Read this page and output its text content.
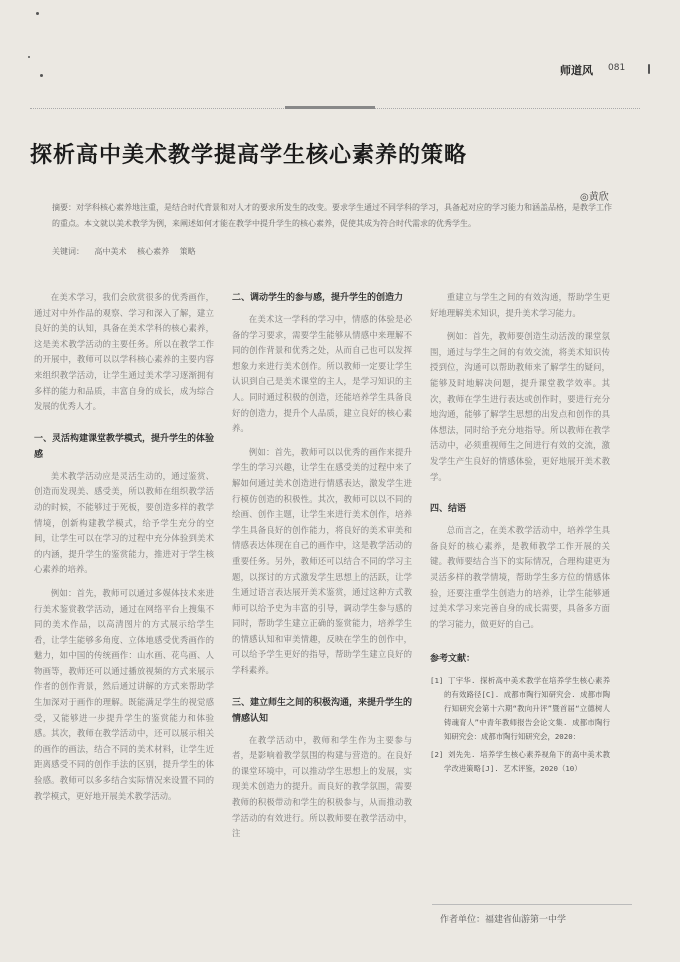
师道风 081
探析高中美术教学提高学生核心素养的策略
◎黄欣
摘要：对学科核心素养地注重，是结合时代背景和对人才的要求所发生的改变。要求学生通过不同学科的学习，具备起对应的学习能力和涵盖品格，是教学工作的重点。本文就以美术教学为例，来阐述如何才能在教学中提升学生的核心素养，促使其成为符合时代需求的优秀学生。
关键词： 高中美术 核心素养 策略

在美术学习，我们会欣赏很多的优秀画作，通过对中外作品的观察、学习和深入了解，建立良好的美的认知，具备在美术学科的核心素养，这是美术教学活动的主要任务。所以在教学工作的开展中，教师可以以学科核心素养的主要内容来组织教学活动，让学生通过美术学习逐渐拥有多样的能力和品质，丰富自身的成长，成为综合发展的优秀人才。

一、灵活构建课堂教学模式，提升学生的体验感

美术教学活动应是灵活生动的，通过鉴赏、创造而发现美、感受美，所以教师在组织教学活动的时候，不能够过于死板，要创造多样的教学情境，创新构建教学模式，给予学生充分的空间，让学生可以在学习的过程中充分体验到美术的内涵，提升学生的鉴赏能力，推进对于学生核心素养的培养。

例如：首先，教师可以通过多媒体技术来进行美术鉴赏教学活动，通过在网络平台上搜集不同的美术作品，以高清图片的方式展示给学生看，让学生能够多角度、立体地感受优秀画作的魅力，如中国的传统画作：山水画、花鸟画、人物画等，教师还可以通过播放视频的方式来展示作者的创作背景，然后通过讲解的方式来帮助学生加深对于画作的理解。既能满足学生的视觉感受，又能够进一步提升学生的鉴赏能力和体验感。其次，教师在教学活动中，还可以展示相关的画作的画法，结合不同的美术材料，让学生近距离感受不同的创作手法的区别，提升学生的体验感。教师可以多多结合实际情况来设置不同的教学模式，更好地开展美术教学活动。

二、调动学生的参与感，提升学生的创造力

在美术这一学科的学习中，情感的体验是必备的学习要求，需要学生能够从情感中来理解不同的创作背景和优秀之处，从而自己也可以发挥想象力来进行美术创作。所以教师一定要让学生认识到自己是美术课堂的主人，是学习知识的主人。同时通过积极的创造，还能培养学生具备良好的创造力，提升个人品质，建立良好的核心素养。

例如：首先，教师可以以优秀的画作来提升学生的学习兴趣，让学生在感受美的过程中来了解如何通过美术创造进行情感表达，激发学生进行模仿创造的积极性。其次，教师可以以不同的绘画、创作主题，让学生来进行美术创作，培养学生具备良好的创作能力，将良好的美术审美和情感表达体现在自己的画作中，这是教学活动的重要任务。另外，教师还可以结合不同的学习主题，以探讨的方式激发学生思想上的活跃，让学生通过语言表达展开美术鉴赏，通过这种方式教师可以给予史为丰富的引导，调动学生参与感的同时，帮助学生建立正确的鉴赏能力，培养学生的情感认知和审美情趣，反映在学生的创作中，可以给予学生更好的指导，帮助学生建立良好的学科素养。

三、建立师生之间的积极沟通，来提升学生的情感认知

在教学活动中，教师和学生作为主要参与者，是影响着教学氛围的构建与营造的。在良好的课堂环境中，可以推动学生思想上的发展，实现美术创造力的提升。而良好的教学氛围，需要教师的积极带动和学生的积极参与，从而推动教学活动的有效进行。所以教师要在教学活动中，注

重建立与学生之间的有效沟通，帮助学生更好地理解美术知识，提升美术学习能力。

例如：首先，教师要创造生动活泼的课堂氛围，通过与学生之间的有效交流，将美术知识传授到位，沟通可以帮助教师来了解学生的疑问，能够及时地解决问题，提升课堂教学效率。其次，教师在学生进行表达或创作时，要进行充分地沟通，能够了解学生思想的出发点和创作的具体想法，同时给予充分地指导。所以教师在教学活动中，必须重视师生之间进行有效的交流，激发学生产生良好的情感体验，更好地展开美术教学。

四、结语

总而言之，在美术教学活动中，培养学生具备良好的核心素养，是教师教学工作开展的关键。教师要结合当下的实际情况，合理构建更为灵活多样的教学情境，帮助学生多方位的情感体验，还要注重学生创造力的培养，让学生能够通过美术学习来完善自身的成长需要，具备多方面的学习能力，做更好的自己。

参考文献：
[1] 丁宇华. 探析高中美术教学在培养学生核心素养的有效路径[C]. 成都市陶行知研究会. 成都市陶行知研究会第十六期“教向升评”暨首届“立德树人 铸魂育人”中青年教师报告会论文集. 成都市陶行知研究会：成都市陶行知研究会，2020：
[2] 刘先先. 培养学生核心素养视角下的高中美术教学改进策略[J]. 艺术评鉴，2020（10）
作者单位：福建省仙游第一中学
